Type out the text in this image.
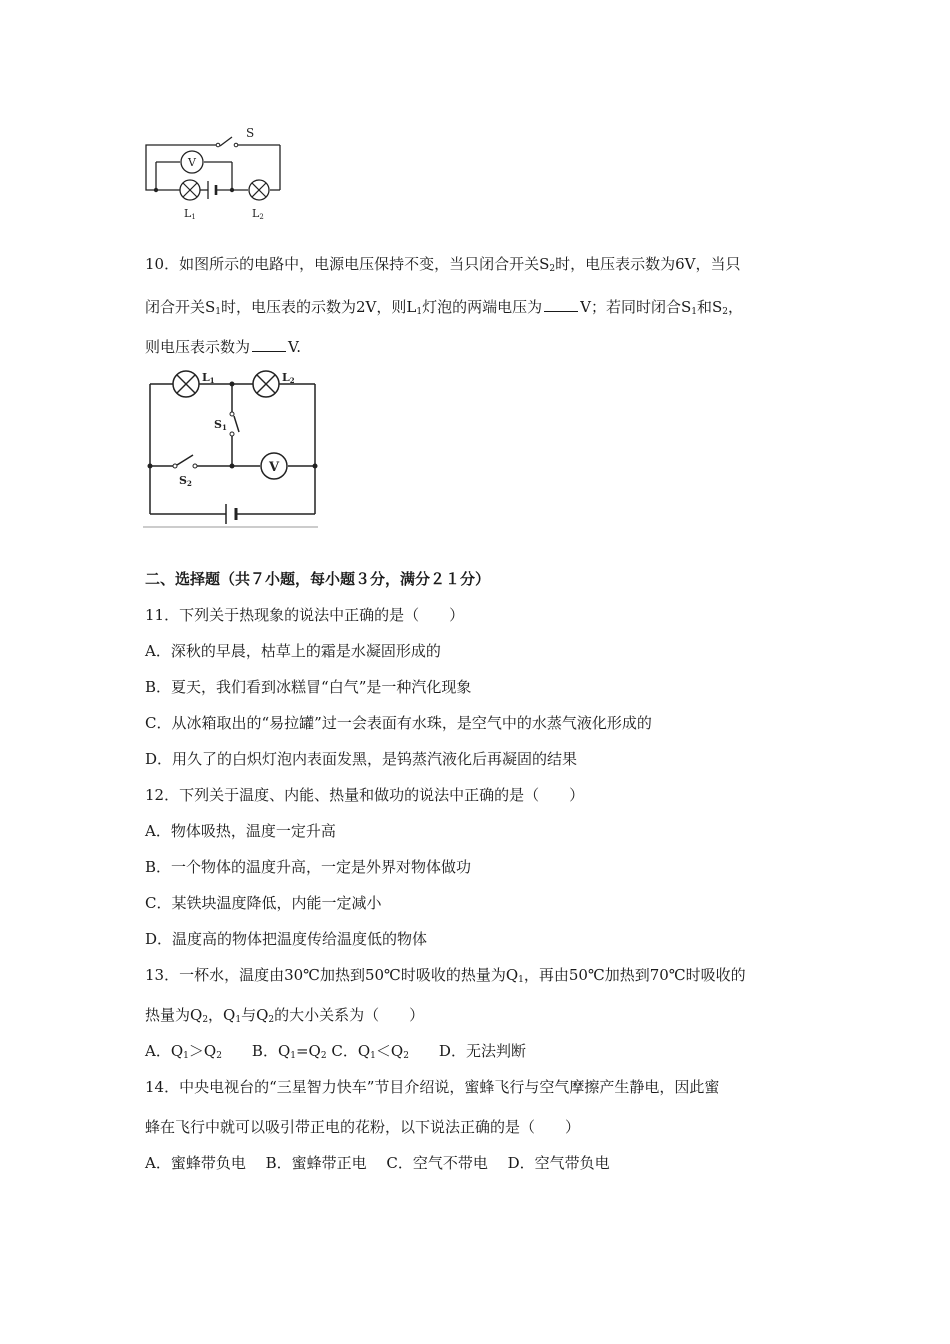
V
S
L1	L2
10．如图所示的电路中，电源电压保持不变，当只闭合开关$S_2$时，电压表示数为6V，当只
闭合开关$S_1$时，电压表的示数为2V，则$L_1$灯泡的两端电压为	V；若同时闭合$S_1$和$S_2$，
则电压表示数为	V.
V
L1	L2
S1
S2
二、选择题（共７小题，每小题３分，满分２１分）
11．下列关于热现象的说法中正确的是（　　）
A．深秋的早晨，枯草上的霜是水凝固形成的
B．夏天，我们看到冰糕冒“白气”是一种汽化现象
C．从冰箱取出的“易拉罐”过一会表面有水珠，是空气中的水蒸气液化形成的
D．用久了的白炽灯泡内表面发黑，是钨蒸汽液化后再凝固的结果
12．下列关于温度、内能、热量和做功的说法中正确的是（　　）
A．物体吸热，温度一定升高
B．一个物体的温度升高，一定是外界对物体做功
C．某铁块温度降低，内能一定减小
D．温度高的物体把温度传给温度低的物体
13．一杯水，温度由30℃加热到50℃时吸收的热量为$Q_1$，再由50℃加热到70℃时吸收的
热量为$Q_2$，$Q_1$与$Q_2$的大小关系为（　　）
A．$Q_1>Q_2$　　B．$Q_1=Q_2$ C．$Q_1<Q_2$　　D．无法判断
14．中央电视台的“三星智力快车”节目介绍说，蜜蜂飞行与空气摩擦产生静电，因此蜜
蜂在飞行中就可以吸引带正电的花粉，以下说法正确的是（　　）
A．蜜蜂带负电　 B．蜜蜂带正电　 C．空气不带电　 D．空气带负电
